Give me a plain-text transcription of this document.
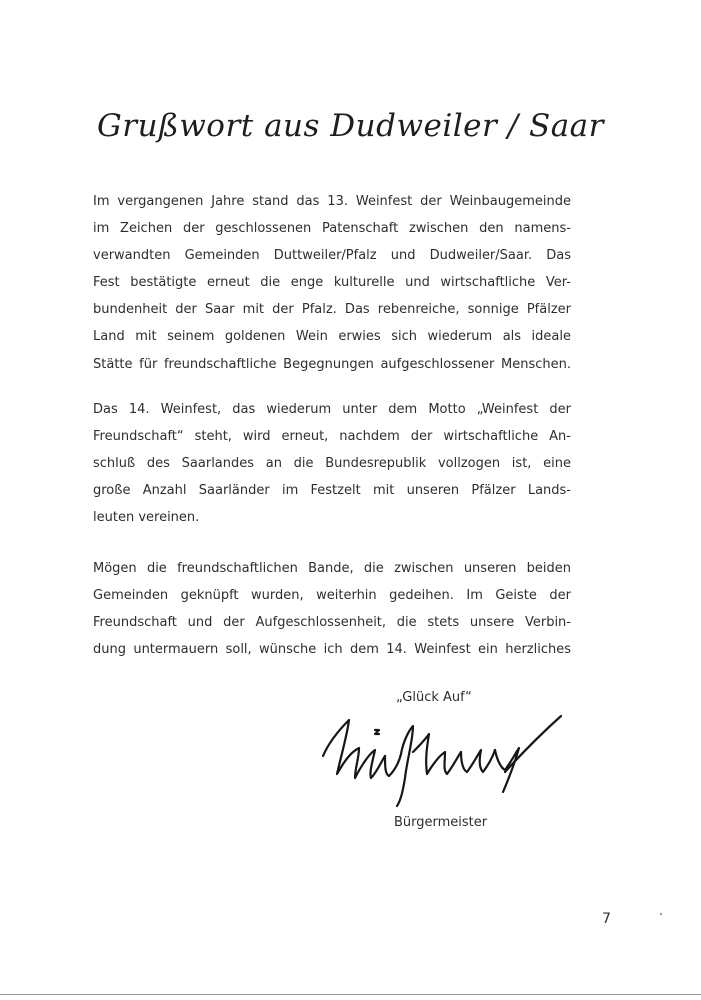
Grußwort aus Dudweiler / Saar
Im vergangenen Jahre stand das 13. Weinfest der Weinbaugemeinde
im Zeichen der geschlossenen Patenschaft zwischen den namens-
verwandten Gemeinden Duttweiler/Pfalz und Dudweiler/Saar. Das
Fest bestätigte erneut die enge kulturelle und wirtschaftliche Ver-
bundenheit der Saar mit der Pfalz. Das rebenreiche, sonnige Pfälzer
Land mit seinem goldenen Wein erwies sich wiederum als ideale
Stätte für freundschaftliche Begegnungen aufgeschlossener Menschen.
Das 14. Weinfest, das wiederum unter dem Motto „Weinfest der
Freundschaft“ steht, wird erneut, nachdem der wirtschaftliche An-
schluß des Saarlandes an die Bundesrepublik vollzogen ist, eine
große Anzahl Saarländer im Festzelt mit unseren Pfälzer Lands-
leuten vereinen.
Mögen die freundschaftlichen Bande, die zwischen unseren beiden
Gemeinden geknüpft wurden, weiterhin gedeihen. Im Geiste der
Freundschaft und der Aufgeschlossenheit, die stets unsere Verbin-
dung untermauern soll, wünsche ich dem 14. Weinfest ein herzliches
„Glück Auf“
Bürgermeister
7
